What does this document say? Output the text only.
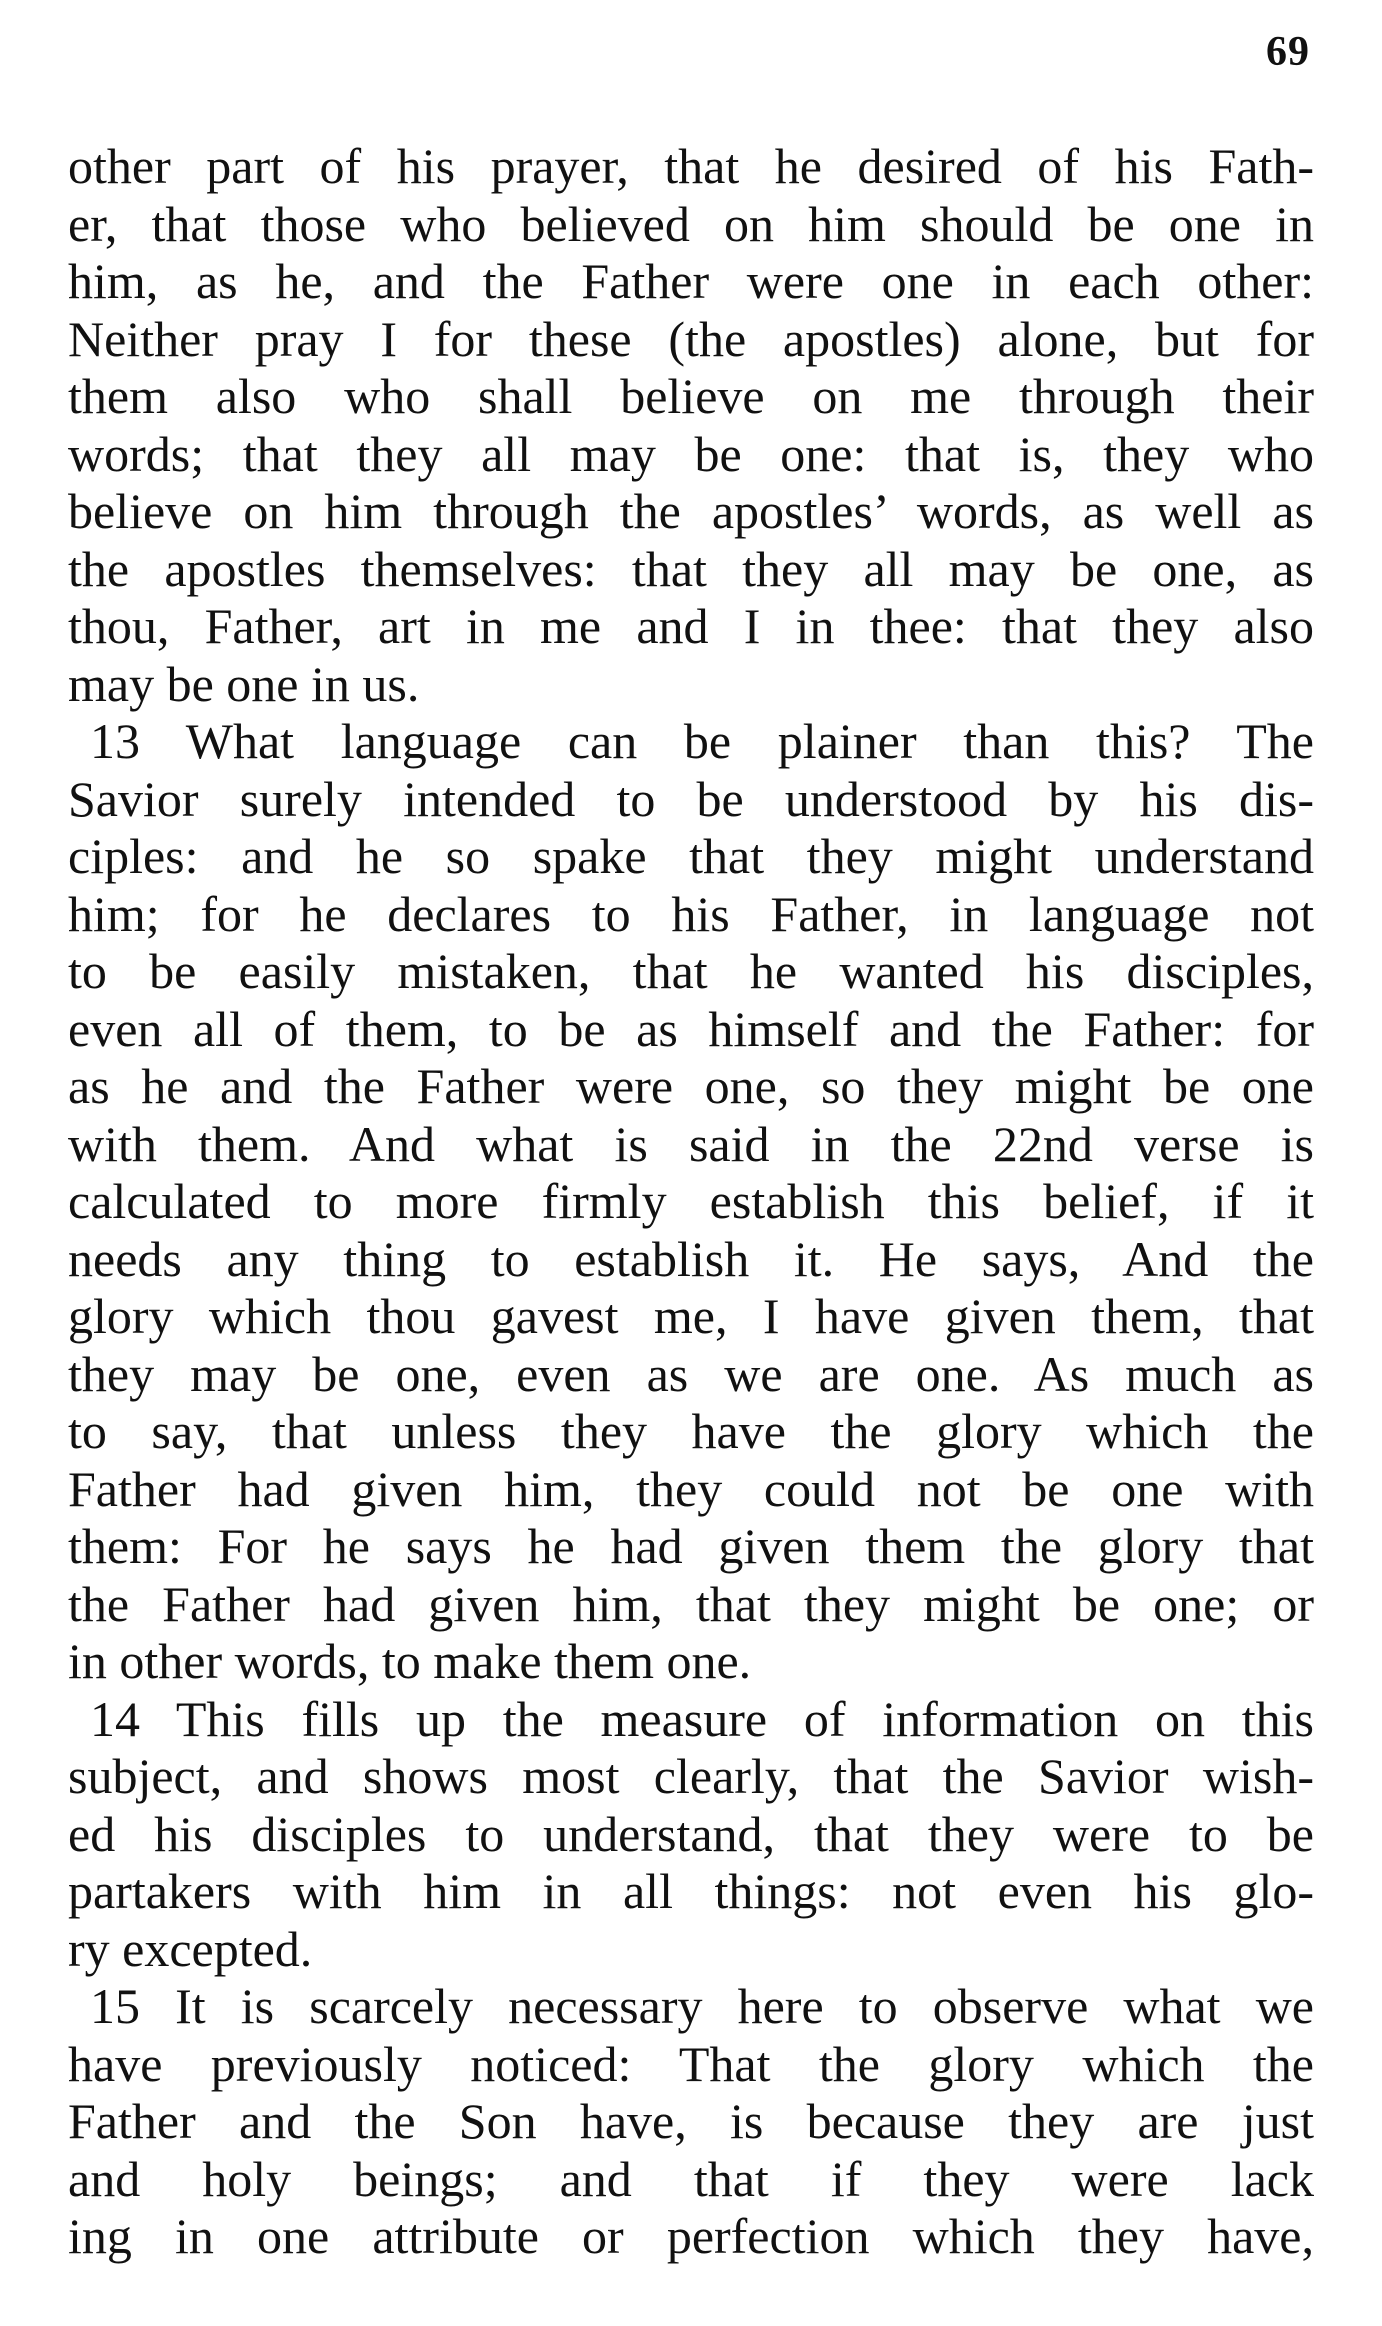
69
other part of his prayer, that he desired of his Fath-
er, that those who believed on him should be one in
him, as he, and the Father were one in each other:
Neither pray I for these (the apostles) alone, but for
them also who shall believe on me through their
words; that they all may be one: that is, they who
believe on him through the apostles’ words, as well as
the apostles themselves: that they all may be one, as
thou, Father, art in me and I in thee: that they also
may be one in us.
13 What language can be plainer than this? The
Savior surely intended to be understood by his dis-
ciples: and he so spake that they might understand
him; for he declares to his Father, in language not
to be easily mistaken, that he wanted his disciples,
even all of them, to be as himself and the Father: for
as he and the Father were one, so they might be one
with them. And what is said in the 22nd verse is
calculated to more firmly establish this belief, if it
needs any thing to establish it. He says, And the
glory which thou gavest me, I have given them, that
they may be one, even as we are one. As much as
to say, that unless they have the glory which the
Father had given him, they could not be one with
them: For he says he had given them the glory that
the Father had given him, that they might be one; or
in other words, to make them one.
14 This fills up the measure of information on this
subject, and shows most clearly, that the Savior wish-
ed his disciples to understand, that they were to be
partakers with him in all things: not even his glo-
ry excepted.
15 It is scarcely necessary here to observe what we
have previously noticed: That the glory which the
Father and the Son have, is because they are just
and holy beings; and that if they were lack
ing in one attribute or perfection which they have,
